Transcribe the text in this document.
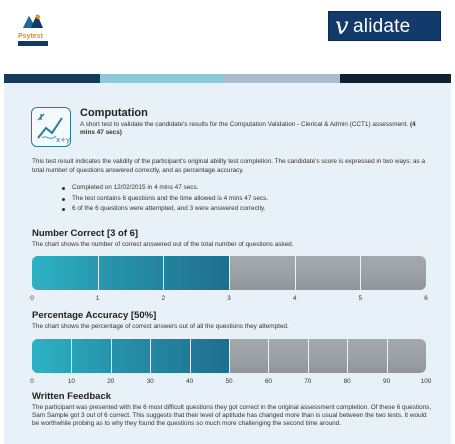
Psytest	v alidate
x+y
Computation
A short test to validate the candidate's results for the Computation Validation - Clerical & Admin (CCT1) assessment. (4 mins 47 secs)
This test result indicates the validity of the participant's original ability test completion. The candidate's score is expressed in two ways: as a total number of questions answered correctly, and as percentage accuracy.
Completed on 12/02/2015 in 4 mins 47 secs.
The test contains 6 questions and the time allowed is 4 mins 47 secs.
6 of the 6 questions were attempted, and 3 were answered correctly.
Number Correct [3 of 6]
The chart shows the number of correct answered out of the total number of questions asked.
0	1	2	3	4	5	6
Percentage Accuracy [50%]
The chart shows the percentage of correct answers out of all the questions they attempted.
0	10	20	30	40	50	60	70	80	90	100
Written Feedback
The participant was presented with the 6 most difficult questions they got correct in the original assessment completion. Of these 6 questions, Sam Sample got 3 out of 6 correct. This suggests that their level of aptitude has changed more than is usual between the two tests. It would be worthwhile probing as to why they found the questions so much more challenging the second time around.
